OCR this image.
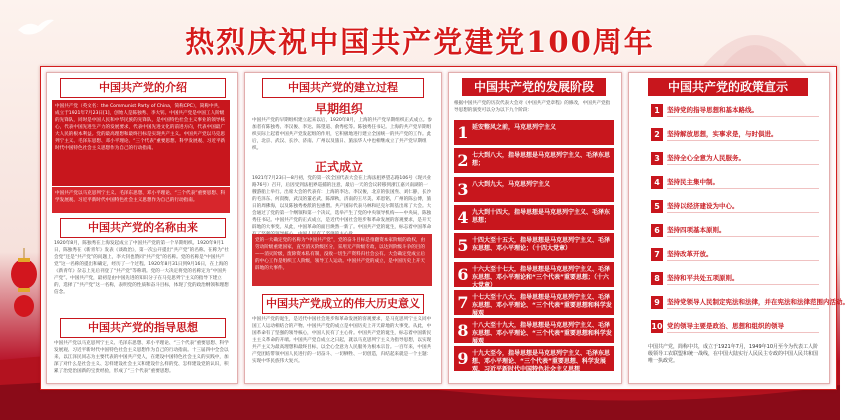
热烈庆祝中国共产党建党100周年
中国共产党的介绍
中国共产党（英文名：the Communist Party of China，简称CPC），简称中共，成立于1921年7月23日[1]，创始人是陈独秀、李大钊。中国共产党是中国工人阶级的先锋队，同时是中国人民和中华民族的先锋队，是中国特色社会主义事业的领导核心，代表中国先进生产力的发展要求，代表中国先进文化的前进方向，代表中国最广大人民的根本利益。党的最高理想和最终目标是实现共产主义。中国共产党以马克思列宁主义、毛泽东思想、邓小平理论、“三个代表”重要思想、科学发展观、习近平新时代中国特色社会主义思想作为自己的行动指南。
中国共产党以马克思列宁主义、毛泽东思想、邓小平理论、“三个代表”重要思想、科学发展观、习近平新时代中国特色社会主义思想作为自己的行动指南。
中国共产党的名称由来
1920年8月，陈独秀在上海发起成立了中国共产党的第一个早期组织。1920年9月1日，陈独秀在《新青年》发表《谈政治》，第一次公开提出“共产党”的名称。在称为“社会党”还是“共产党”的问题上，李大钊也赞同“共产党”的名称。党的名称是“中国共产党”这一名称的提出和确定，经历了一个过程。1920年8月31日到9月16日，在上海的《新青年》杂志上先后刊登了“共产党”等称谓。党的一大决定将党的名称定为“中国共产党”。中国共产党，最初是由中国先进的知识分子在马克思列宁主义的指导下建立的，选择了“共产党”这一名称，表明党的性质和奋斗目标，体现了党的政治纲领和理想信念。
中国共产党的指导思想
中国共产党以马克思列宁主义、毛泽东思想、邓小平理论、“三个代表”重要思想、科学发展观、习近平新时代中国特色社会主义思想作为自己的行动指南。十三届四中全会以来，以江泽民同志为主要代表的中国共产党人，在建设中国特色社会主义的实践中，加深了对什么是社会主义、怎样建设社会主义和建设什么样的党、怎样建设党的认识，积累了治党治国新的宝贵经验，形成了“三个代表”重要思想。
中国共产党的建立过程
早期组织
中国共产党的早期组织建立起来以后，1920年8月，上海的共产党早期组织正式成立。参加者有陈独秀、李汉俊、李达、陈望道、俞秀松等。陈独秀任书记。上海的共产党早期组织实际上起着中国共产党发起组的作用，它积极地进行建立全国统一的共产党的工作。此后，北京、武汉、长沙、济南、广州以及旅日、旅法华人中也相继成立了共产党早期组织。
正式成立
1921年7月23日—8月初，党的第一次全国代表大会在上海法租界望志路106号（现兴业路76号）召开，后因受到法租界巡捕的注意，最后一天的会议转移到浙江嘉兴南湖的一艘游船上举行。出席大会的代表有：上海的李达、李汉俊，北京的张国焘、刘仁静，长沙的毛泽东、何叔衡，武汉的董必武、陈潭秋，济南的王尽美、邓恩铭，广州的陈公博，旅日的周佛海，以及陈独秀委派的包惠僧。共产国际代表马林和尼克尔斯基出席了大会。大会通过了党的第一个纲领和第一个决议，选举产生了党的中央领导机构——中央局，陈独秀任书记。中国共产党的正式成立，是近代中国社会进步和革命发展的客观要求，是开天辟地的大事变。从此，中国革命的面目焕然一新了。中国共产党的诞生，标志着中国革命
党的一大确定党的名称为“中国共产党”，党的奋斗目标是推翻资本家阶级的政权，由劳动阶级重建国家，直至消灭阶级区分，采用无产阶级专政，以达到阶级斗争的目的——消灭阶级，废除资本私有制，没收一切生产资料归社会公有。大会确定党成立后的中心工作是组织工人阶级，领导工人运动。中国共产党的成立，是中国历史上开天辟地的大事件。
中国共产党成立的伟大历史意义
中国共产党的诞生，是近代中国社会进步和革命发展的客观要求，是马克思列宁主义同中国工人运动相结合的产物。中国共产党的成立是中国历史上开天辟地的大事变。从此，中国革命有了坚强的领导核心，中国人民有了主心骨。中国共产党的诞生，标志着中国新民主主义革命的开端。中国共产党自成立之日起，就以马克思列宁主义为指导思想，以实现共产主义为最高理想和最终目标，以全心全意为人民服务为根本宗旨。一百年来，中国共产党团结带领中国人民进行的一切奋斗、一切牺牲、一切创造，归结起来就是一个主题：实现中华民族伟大复兴。
中国共产党的发展阶段
根据中国共产党的历次代表大会对《中国共产党章程》的修改，中国共产党指导思想的演变可以分为以下九个阶段：
1 延安整风之前，马克思列宁主义
2 七大到八大，指导思想是马克思列宁主义、毛泽东思想；
3 八大到九大，马克思列宁主义
4 九大到十四大，指导思想是马克思列宁主义、毛泽东思想；
5 十四大至十五大，指导思想是马克思列宁主义、毛泽东思想、邓小平理论；（十四大党章）
6 十六大至十七大，指导思想是马克思列宁主义、毛泽东思想、邓小平理论和“三个代表”重要思想；（十六大党章）
7 十七大至十八大，指导思想是马克思列宁主义、毛泽东思想、邓小平理论、“三个代表”重要思想和科学发展观
8 十八大至十九大，指导思想是马克思列宁主义、毛泽东思想、邓小平理论、“三个代表”重要思想和科学发展观
9 十九大至今，指导思想是马克思列宁主义、毛泽东思想、邓小平理论、“三个代表”重要思想、科学发展观、习近平新时代中国特色社会主义思想
中国共产党的政策宣示
1	坚持党的指导思想和基本路线。
2	坚持解放思想，实事求是，与时俱进。
3	坚持全心全意为人民服务。
4	坚持民主集中制。
5	坚持以经济建设为中心。
6	坚持四项基本原则。
7	坚持改革开放。
8	坚持和平共处五项原则。
9	坚持党领导人民制定宪法和法律，并在宪法和法律范围内活动。
10 党的领导主要是政治、思想和组织的领导
中国共产党，简称中共，成立于1921年7月，1949年10月至今为代表工人阶级领导工农联盟和统一战线，在中国大陆实行人民民主专政的中国人民共和国唯一执政党。
